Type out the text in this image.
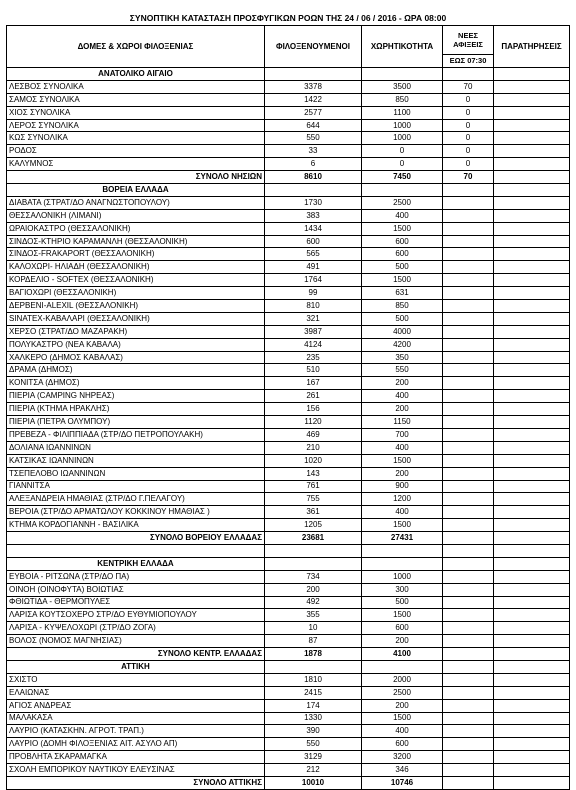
ΣΥΝΟΠΤΙΚΗ ΚΑΤΑΣΤΑΣΗ ΠΡΟΣΦΥΓΙΚΩΝ ΡΟΩΝ ΤΗΣ 24 / 06 / 2016 - ΩΡΑ 08:00				
ΔΟΜΕΣ & ΧΩΡΟΙ ΦΙΛΟΞΕΝΙΑΣ	ΦΙΛΟΞΕΝΟΥΜΕΝΟΙ	ΧΩΡΗΤΙΚΟΤΗΤΑ	ΝΕΕΣ ΑΦΙΞΕΙΣ	ΠΑΡΑΤΗΡΗΣΕΙΣ
			ΕΩΣ 07:30	
ΑΝΑΤΟΛΙΚΟ ΑΙΓΑΙΟ				
ΛΕΣΒΟΣ ΣΥΝΟΛΙΚΑ	3378	3500	70	
ΣΑΜΟΣ ΣΥΝΟΛΙΚΑ	1422	850	0	
ΧΙΟΣ ΣΥΝΟΛΙΚΑ	2577	1100	0	
ΛΕΡΟΣ ΣΥΝΟΛΙΚΑ	644	1000	0	
ΚΩΣ ΣΥΝΟΛΙΚΑ	550	1000	0	
ΡΟΔΟΣ	33	0	0	
ΚΑΛΥΜΝΟΣ	6	0	0	
ΣΥΝΟΛΟ ΝΗΣΙΩΝ	8610	7450	70	
ΒΟΡΕΙΑ ΕΛΛΑΔΑ				
ΔΙΑΒΑΤΑ (ΣΤΡΑΤ/ΔΟ ΑΝΑΓΝΩΣΤΟΠΟΥΛΟΥ)	1730	2500		
ΘΕΣΣΑΛΟΝΙΚΗ (ΛΙΜΑΝΙ)	383	400		
ΩΡΑΙΟΚΑΣΤΡΟ (ΘΕΣΣΑΛΟΝΙΚΗ)	1434	1500		
ΣΙΝΔΟΣ-ΚΤΗΡΙΟ ΚΑΡΑΜΑΝΛΗ (ΘΕΣΣΑΛΟΝΙΚΗ)	600	600		
ΣΙΝΔΟΣ-FRAKAPORT (ΘΕΣΣΑΛΟΝΙΚΗ)	565	600		
ΚΑΛΟΧΩΡΙ- ΗΛΙΑΔΗ (ΘΕΣΣΑΛΟΝΙΚΗ)	491	500		
ΚΟΡΔΕΛΙΟ - SOFTEX (ΘΕΣΣΑΛΟΝΙΚΗ)	1764	1500		
ΒΑΓΙΟΧΩΡΙ (ΘΕΣΣΑΛΟΝΙΚΗ)	99	631		
ΔΕΡΒΕΝΙ-ALEXIL (ΘΕΣΣΑΛΟΝΙΚΗ)	810	850		
SINATEX-ΚΑΒΑΛΑΡΙ (ΘΕΣΣΑΛΟΝΙΚΗ)	321	500		
ΧΕΡΣΟ (ΣΤΡΑΤ/ΔΟ ΜΑΖΑΡΑΚΗ)	3987	4000		
ΠΟΛΥΚΑΣΤΡΟ (ΝΕΑ ΚΑΒΑΛΑ)	4124	4200		
ΧΑΛΚΕΡΟ (ΔΗΜΟΣ ΚΑΒΑΛΑΣ)	235	350		
ΔΡΑΜΑ (ΔΗΜΟΣ)	510	550		
ΚΟΝΙΤΣΑ (ΔΗΜΟΣ)	167	200		
ΠΙΕΡΙΑ (CAMPING ΝΗΡΕΑΣ)	261	400		
ΠΙΕΡΙΑ (ΚΤΗΜΑ ΗΡΑΚΛΗΣ)	156	200		
ΠΙΕΡΙΑ (ΠΕΤΡΑ ΟΛΥΜΠΟΥ)	1120	1150		
ΠΡΕΒΕΖΑ - ΦΙΛΙΠΠΙΑΔΑ (ΣΤΡ/ΔΟ ΠΕΤΡΟΠΟΥΛΑΚΗ)	469	700		
ΔΟΛΙΑΝΑ ΙΩΑΝΝΙΝΩΝ	210	400		
ΚΑΤΣΙΚΑΣ ΙΩΑΝΝΙΝΩΝ	1020	1500		
ΤΣΕΠΕΛΟΒΟ ΙΩΑΝΝΙΝΩΝ	143	200		
ΓΙΑΝΝΙΤΣΑ	761	900		
ΑΛΕΞΑΝΔΡΕΙΑ ΗΜΑΘΙΑΣ (ΣΤΡ/ΔΟ Γ.ΠΕΛΑΓΟΥ)	755	1200		
ΒΕΡΟΙΑ (ΣΤΡ/ΔΟ ΑΡΜΑΤΩΛΟΥ ΚΟΚΚΙΝΟΥ ΗΜΑΘΙΑΣ )	361	400		
ΚΤΗΜΑ ΚΟΡΔΟΓΙΑΝΝΗ - ΒΑΣΙΛΙΚΑ	1205	1500		
ΣΥΝΟΛΟ ΒΟΡΕΙΟΥ ΕΛΛΑΔΑΣ	23681	27431		

ΚΕΝΤΡΙΚΗ ΕΛΛΑΔΑ				
ΕΥΒΟΙΑ - ΡΙΤΣΩΝΑ (ΣΤΡ/ΔΟ ΠΑ)	734	1000		
ΟΙΝΟΗ (ΟΙΝΟΦΥΤΑ) ΒΟΙΩΤΙΑΣ	200	300		
ΦΘΙΩΤΙΔΑ - ΘΕΡΜΟΠΥΛΕΣ	492	500		
ΛΑΡΙΣΑ ΚΟΥΤΣΟΧΕΡΟ ΣΤΡ/ΔΟ ΕΥΘΥΜΙΟΠΟΥΛΟΥ	355	1500		
ΛΑΡΙΣΑ - ΚΥΨΕΛΟΧΩΡΙ (ΣΤΡ/ΔΟ ΖΟΓΑ)	10	600		
ΒΟΛΟΣ (ΝΟΜΟΣ ΜΑΓΝΗΣΙΑΣ)	87	200		
ΣΥΝΟΛΟ ΚΕΝΤΡ. ΕΛΛΑΔΑΣ	1878	4100		
ΑΤΤΙΚΗ				
ΣΧΙΣΤΟ	1810	2000		
ΕΛΑΙΩΝΑΣ	2415	2500		
ΑΓΙΟΣ ΑΝΔΡΕΑΣ	174	200		
ΜΑΛΑΚΑΣΑ	1330	1500		
ΛΑΥΡΙΟ (ΚΑΤΑΣΚΗΝ. ΑΓΡΟΤ. ΤΡΑΠ.)	390	400		
ΛΑΥΡΙΟ (ΔΟΜΗ ΦΙΛΟΞΕΝΙΑΣ ΑΙΤ. ΑΣΥΛΟ ΑΠ)	550	600		
ΠΡΟΒΛΗΤΑ ΣΚΑΡΑΜΑΓΚΑ	3129	3200		
ΣΧΟΛΗ ΕΜΠΟΡΙΚΟΥ ΝΑΥΤΙΚΟΥ ΕΛΕΥΣΙΝΑΣ	212	346		
ΣΥΝΟΛΟ ΑΤΤΙΚΗΣ	10010	10746		
